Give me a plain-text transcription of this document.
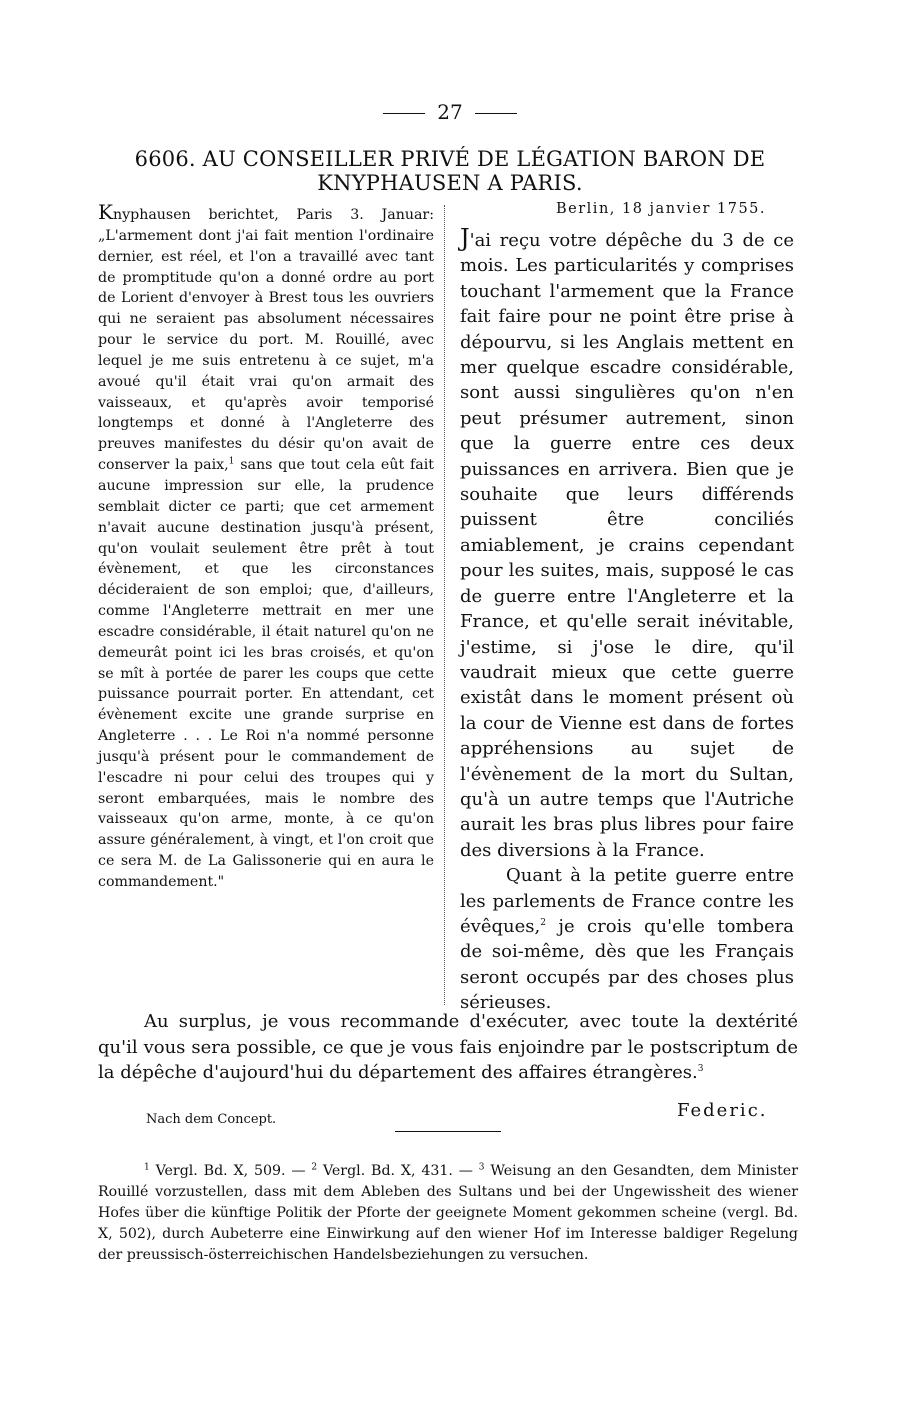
27
6606. AU CONSEILLER PRIVÉ DE LÉGATION BARON DE
KNYPHAUSEN A PARIS.
Knyphausen berichtet, Paris 3. Januar: „L'armement dont j'ai fait mention l'ordinaire dernier, est réel, et l'on a travaillé avec tant de promptitude qu'on a donné ordre au port de Lorient d'envoyer à Brest tous les ouvriers qui ne seraient pas absolument nécessaires pour le service du port. M. Rouillé, avec lequel je me suis entretenu à ce sujet, m'a avoué qu'il était vrai qu'on armait des vaisseaux, et qu'après avoir temporisé longtemps et donné à l'Angleterre des preuves manifestes du désir qu'on avait de conserver la paix,$^1$ sans que tout cela eût fait aucune impression sur elle, la prudence semblait dicter ce parti; que cet armement n'avait aucune destination jusqu'à présent, qu'on voulait seulement être prêt à tout évènement, et que les circonstances décideraient de son emploi; que, d'ailleurs, comme l'Angleterre mettrait en mer une escadre considérable, il était naturel qu'on ne demeurât point ici les bras croisés, et qu'on se mît à portée de parer les coups que cette puissance pourrait porter. En attendant, cet évènement excite une grande surprise en Angleterre . . . Le Roi n'a nommé personne jusqu'à présent pour le commandement de l'escadre ni pour celui des troupes qui y seront embarquées, mais le nombre des vaisseaux qu'on arme, monte, à ce qu'on assure généralement, à vingt, et l'on croit que ce sera M. de La Galissonerie qui en aura le commandement."
Berlin, 18 janvier 1755.

J'ai reçu votre dépêche du 3 de ce mois. Les particularités y comprises touchant l'armement que la France fait faire pour ne point être prise à dépourvu, si les Anglais mettent en mer quelque escadre considérable, sont aussi singulières qu'on n'en peut présumer autrement, sinon que la guerre entre ces deux puissances en arrivera. Bien que je souhaite que leurs différends puissent être conciliés amiablement, je crains cependant pour les suites, mais, supposé le cas de guerre entre l'Angleterre et la France, et qu'elle serait inévitable, j'estime, si j'ose le dire, qu'il vaudrait mieux que cette guerre existât dans le moment présent où la cour de Vienne est dans de fortes appréhensions au sujet de l'évènement de la mort du Sultan, qu'à un autre temps que l'Autriche aurait les bras plus libres pour faire des diversions à la France.

Quant à la petite guerre entre les parlements de France contre les évêques,$^2$ je crois qu'elle tombera de soi-même, dès que les Français seront occupés par des choses plus sérieuses.

Au surplus, je vous recommande d'exécuter, avec toute la dextérité qu'il vous sera possible, ce que je vous fais enjoindre par le postscriptum de la dépêche d'aujourd'hui du département des affaires étrangères.$^3$
Nach dem Concept.	Federic.
$^1$ Vergl. Bd. X, 509. — $^2$ Vergl. Bd. X, 431. — $^3$ Weisung an den Gesandten, dem Minister Rouillé vorzustellen, dass mit dem Ableben des Sultans und bei der Ungewissheit des wiener Hofes über die künftige Politik der Pforte der geeignete Moment gekommen scheine (vergl. Bd. X, 502), durch Aubeterre eine Einwirkung auf den wiener Hof im Interesse baldiger Regelung der preussisch-österreichischen Handelsbeziehungen zu versuchen.
